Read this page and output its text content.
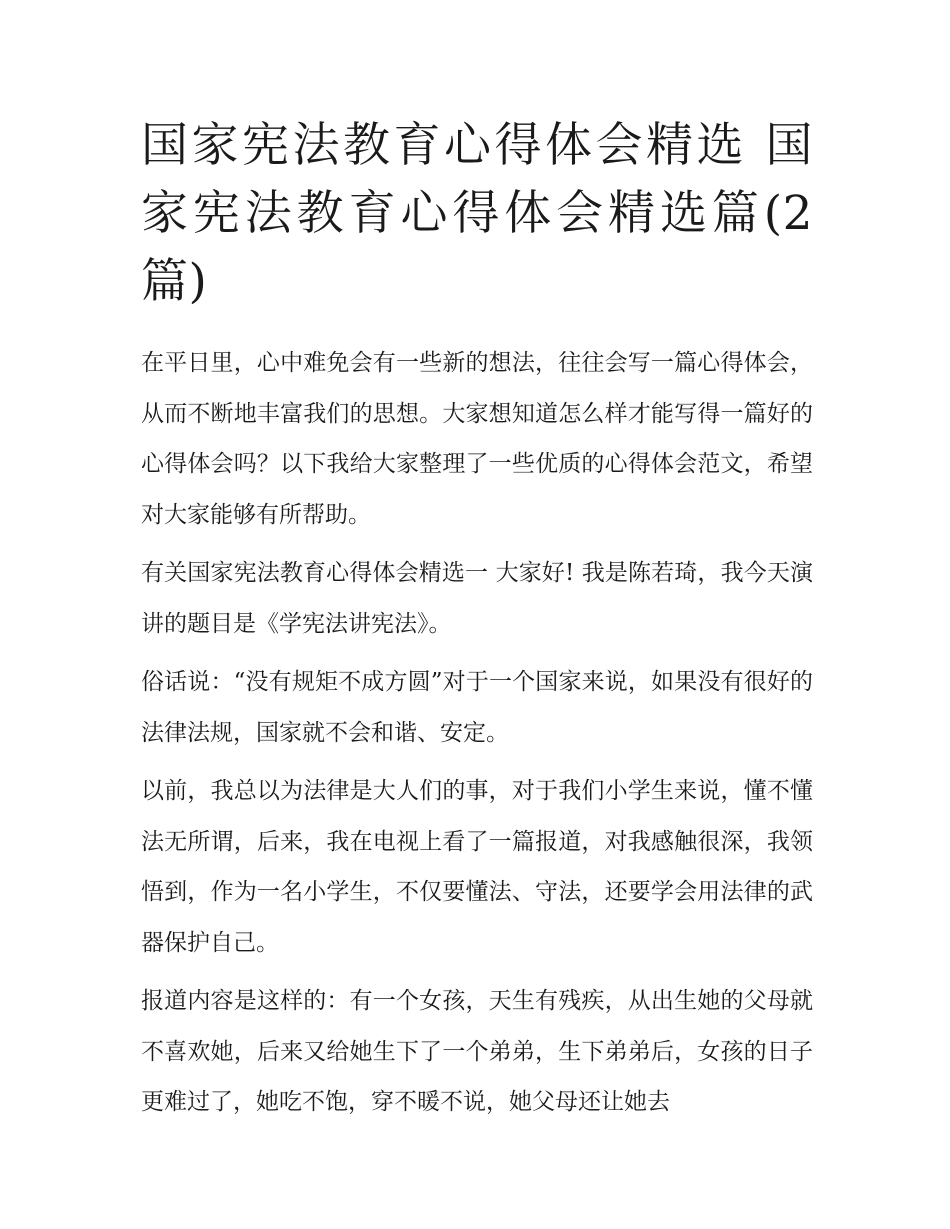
国家宪法教育心得体会精选 国家宪法教育心得体会精选篇(2篇)

在平日里，心中难免会有一些新的想法，往往会写一篇心得体会，从而不断地丰富我们的思想。大家想知道怎么样才能写得一篇好的心得体会吗？以下我给大家整理了一些优质的心得体会范文，希望对大家能够有所帮助。

有关国家宪法教育心得体会精选一 大家好! 我是陈若琦，我今天演讲的题目是《学宪法讲宪法》。

俗话说：“没有规矩不成方圆”对于一个国家来说，如果没有很好的法律法规，国家就不会和谐、安定。

以前，我总以为法律是大人们的事，对于我们小学生来说，懂不懂法无所谓，后来，我在电视上看了一篇报道，对我感触很深，我领悟到，作为一名小学生，不仅要懂法、守法，还要学会用法律的武器保护自己。

报道内容是这样的：有一个女孩，天生有残疾，从出生她的父母就不喜欢她，后来又给她生下了一个弟弟，生下弟弟后，女孩的日子更难过了，她吃不饱，穿不暖不说，她父母还让她去
